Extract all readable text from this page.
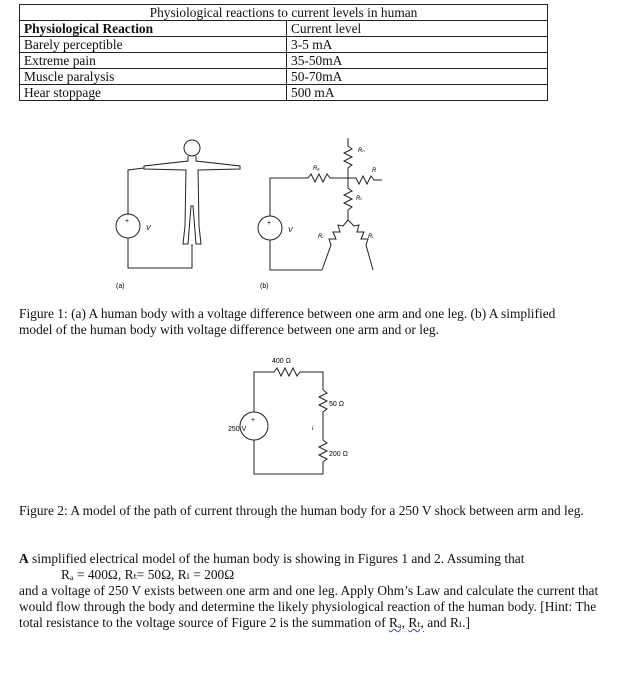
Physiological reactions to current levels in human	
Physiological Reaction	Current level
Barely perceptible	3-5 mA
Extreme pain	35-50mA
Muscle paralysis	50-70mA
Hear stoppage	500 mA
+	+
V	V
Rₐ
Rₙ
R
Rₜ
Rₗ	Rₗ
(a)	(b)

Figure 1: (a) A human body with a voltage difference between one arm and one leg. (b) A simplified model of the human body with voltage difference between one arm and or leg.

+
400 Ω
50 Ω
200 Ω
250 V	i

Figure 2: A model of the path of current through the human body for a 250 V shock between arm and leg.

A simplified electrical model of the human body is showing in Figures 1 and 2. Assuming that
Rₐ = 400Ω, Rₜ= 50Ω, Rₗ = 200Ω
and a voltage of 250 V exists between one arm and one leg. Apply Ohm’s Law and calculate the current that would flow through the body and determine the likely physiological reaction of the human body. [Hint: The total resistance to the voltage source of Figure 2 is the summation of Rₐ, Rₜ, and Rₗ.]
